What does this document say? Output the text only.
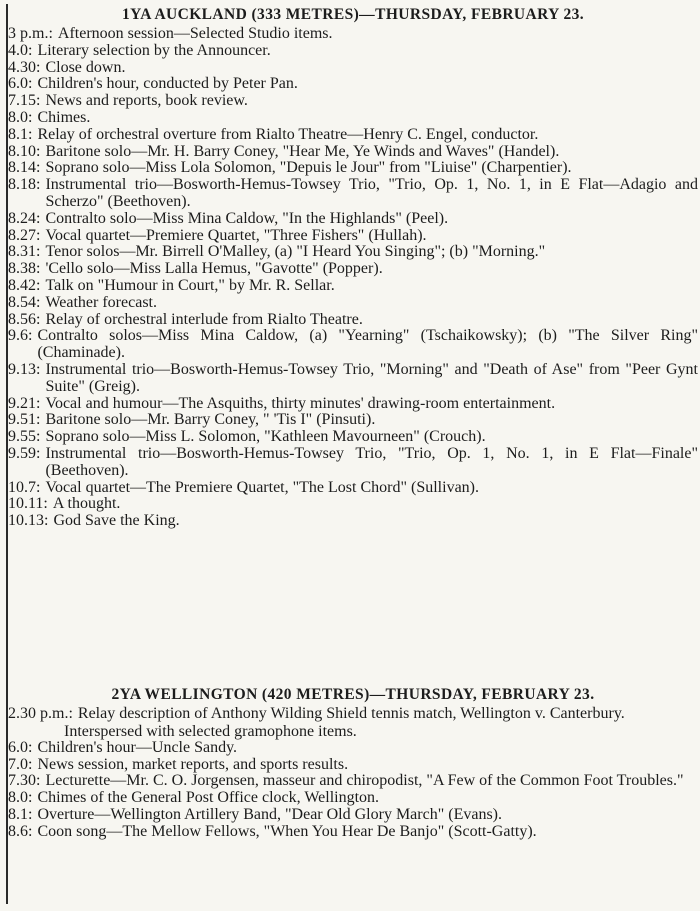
1YA AUCKLAND (333 METRES)—THURSDAY, FEBRUARY 23.
3 p.m.: Afternoon session—Selected Studio items.
4.0: Literary selection by the Announcer.
4.30: Close down.
6.0: Children's hour, conducted by Peter Pan.
7.15: News and reports, book review.
8.0: Chimes.
8.1: Relay of orchestral overture from Rialto Theatre—Henry C. Engel, conductor.
8.10: Baritone solo—Mr. H. Barry Coney, "Hear Me, Ye Winds and Waves" (Handel).
8.14: Soprano solo—Miss Lola Solomon, "Depuis le Jour" from "Liuise" (Charpentier).
8.18: Instrumental trio—Bosworth-Hemus-Towsey Trio, "Trio, Op. 1, No. 1, in E Flat—Adagio and Scherzo" (Beethoven).
8.24: Contralto solo—Miss Mina Caldow, "In the Highlands" (Peel).
8.27: Vocal quartet—Premiere Quartet, "Three Fishers" (Hullah).
8.31: Tenor solos—Mr. Birrell O'Malley, (a) "I Heard You Singing"; (b) "Morning."
8.38: 'Cello solo—Miss Lalla Hemus, "Gavotte" (Popper).
8.42: Talk on "Humour in Court," by Mr. R. Sellar.
8.54: Weather forecast.
8.56: Relay of orchestral interlude from Rialto Theatre.
9.6: Contralto solos—Miss Mina Caldow, (a) "Yearning" (Tschaikowsky); (b) "The Silver Ring" (Chaminade).
9.13: Instrumental trio—Bosworth-Hemus-Towsey Trio, "Morning" and "Death of Ase" from "Peer Gynt Suite" (Greig).
9.21: Vocal and humour—The Asquiths, thirty minutes' drawing-room entertainment.
9.51: Baritone solo—Mr. Barry Coney, " 'Tis I" (Pinsuti).
9.55: Soprano solo—Miss L. Solomon, "Kathleen Mavourneen" (Crouch).
9.59: Instrumental trio—Bosworth-Hemus-Towsey Trio, "Trio, Op. 1, No. 1, in E Flat—Finale" (Beethoven).
10.7: Vocal quartet—The Premiere Quartet, "The Lost Chord" (Sullivan).
10.11: A thought.
10.13: God Save the King.
2YA WELLINGTON (420 METRES)—THURSDAY, FEBRUARY 23.
2.30 p.m.: Relay description of Anthony Wilding Shield tennis match, Wellington v. Canterbury.
Interspersed with selected gramophone items.
6.0: Children's hour—Uncle Sandy.
7.0: News session, market reports, and sports results.
7.30: Lecturette—Mr. C. O. Jorgensen, masseur and chiropodist, "A Few of the Common Foot Troubles."
8.0: Chimes of the General Post Office clock, Wellington.
8.1: Overture—Wellington Artillery Band, "Dear Old Glory March" (Evans).
8.6: Coon song—The Mellow Fellows, "When You Hear De Banjo" (Scott-Gatty).
